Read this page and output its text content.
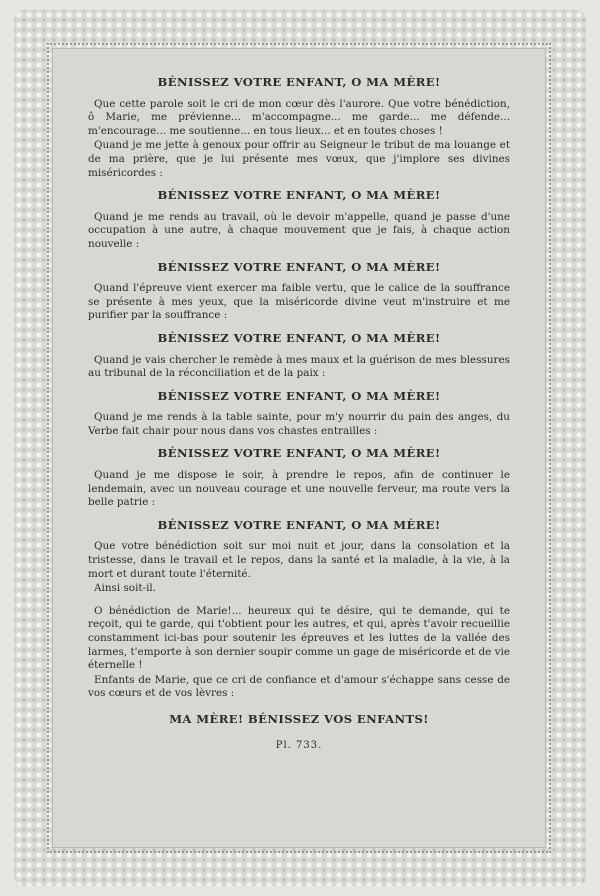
BÉNISSEZ VOTRE ENFANT, O MA MÈRE!
Que cette parole soit le cri de mon cœur dès l'aurore. Que votre bénédiction, ô Marie, me prévienne... m'accompagne... me garde... me défende... m'encourage... me soutienne... en tous lieux... et en toutes choses !
Quand je me jette à genoux pour offrir au Seigneur le tribut de ma louange et de ma prière, que je lui présente mes vœux, que j'implore ses divines miséricordes :
BÉNISSEZ VOTRE ENFANT, O MA MÈRE!
Quand je me rends au travail, où le devoir m'appelle, quand je passe d'une occupation à une autre, à chaque mouvement que je fais, à chaque action nouvelle :
BÉNISSEZ VOTRE ENFANT, O MA MÈRE!
Quand l'épreuve vient exercer ma faible vertu, que le calice de la souffrance se présente à mes yeux, que la miséricorde divine veut m'instruire et me purifier par la souffrance :
BÉNISSEZ VOTRE ENFANT, O MA MÈRE!
Quand je vais chercher le remède à mes maux et la guérison de mes blessures au tribunal de la réconciliation et de la paix :
BÉNISSEZ VOTRE ENFANT, O MA MÈRE!
Quand je me rends à la table sainte, pour m'y nourrir du pain des anges, du Verbe fait chair pour nous dans vos chastes entrailles :
BÉNISSEZ VOTRE ENFANT, O MA MÈRE!
Quand je me dispose le soir, à prendre le repos, afin de continuer le lendemain, avec un nouveau courage et une nouvelle ferveur, ma route vers la belle patrie :
BÉNISSEZ VOTRE ENFANT, O MA MÈRE!
Que votre bénédiction soit sur moi nuit et jour, dans la consolation et la tristesse, dans le travail et le repos, dans la santé et la maladie, à la vie, à la mort et durant toute l'éternité.
Ainsi soit-il.
O bénédiction de Marie!... heureux qui te désire, qui te demande, qui te reçoit, qui te garde, qui t'obtient pour les autres, et qui, après t'avoir recueillie constamment ici-bas pour soutenir les épreuves et les luttes de la vallée des larmes, t'emporte à son dernier soupir comme un gage de miséricorde et de vie éternelle !
Enfants de Marie, que ce cri de confiance et d'amour s'échappe sans cesse de vos cœurs et de vos lèvres :
MA MÈRE! BÉNISSEZ VOS ENFANTS!
Pl. 733.
